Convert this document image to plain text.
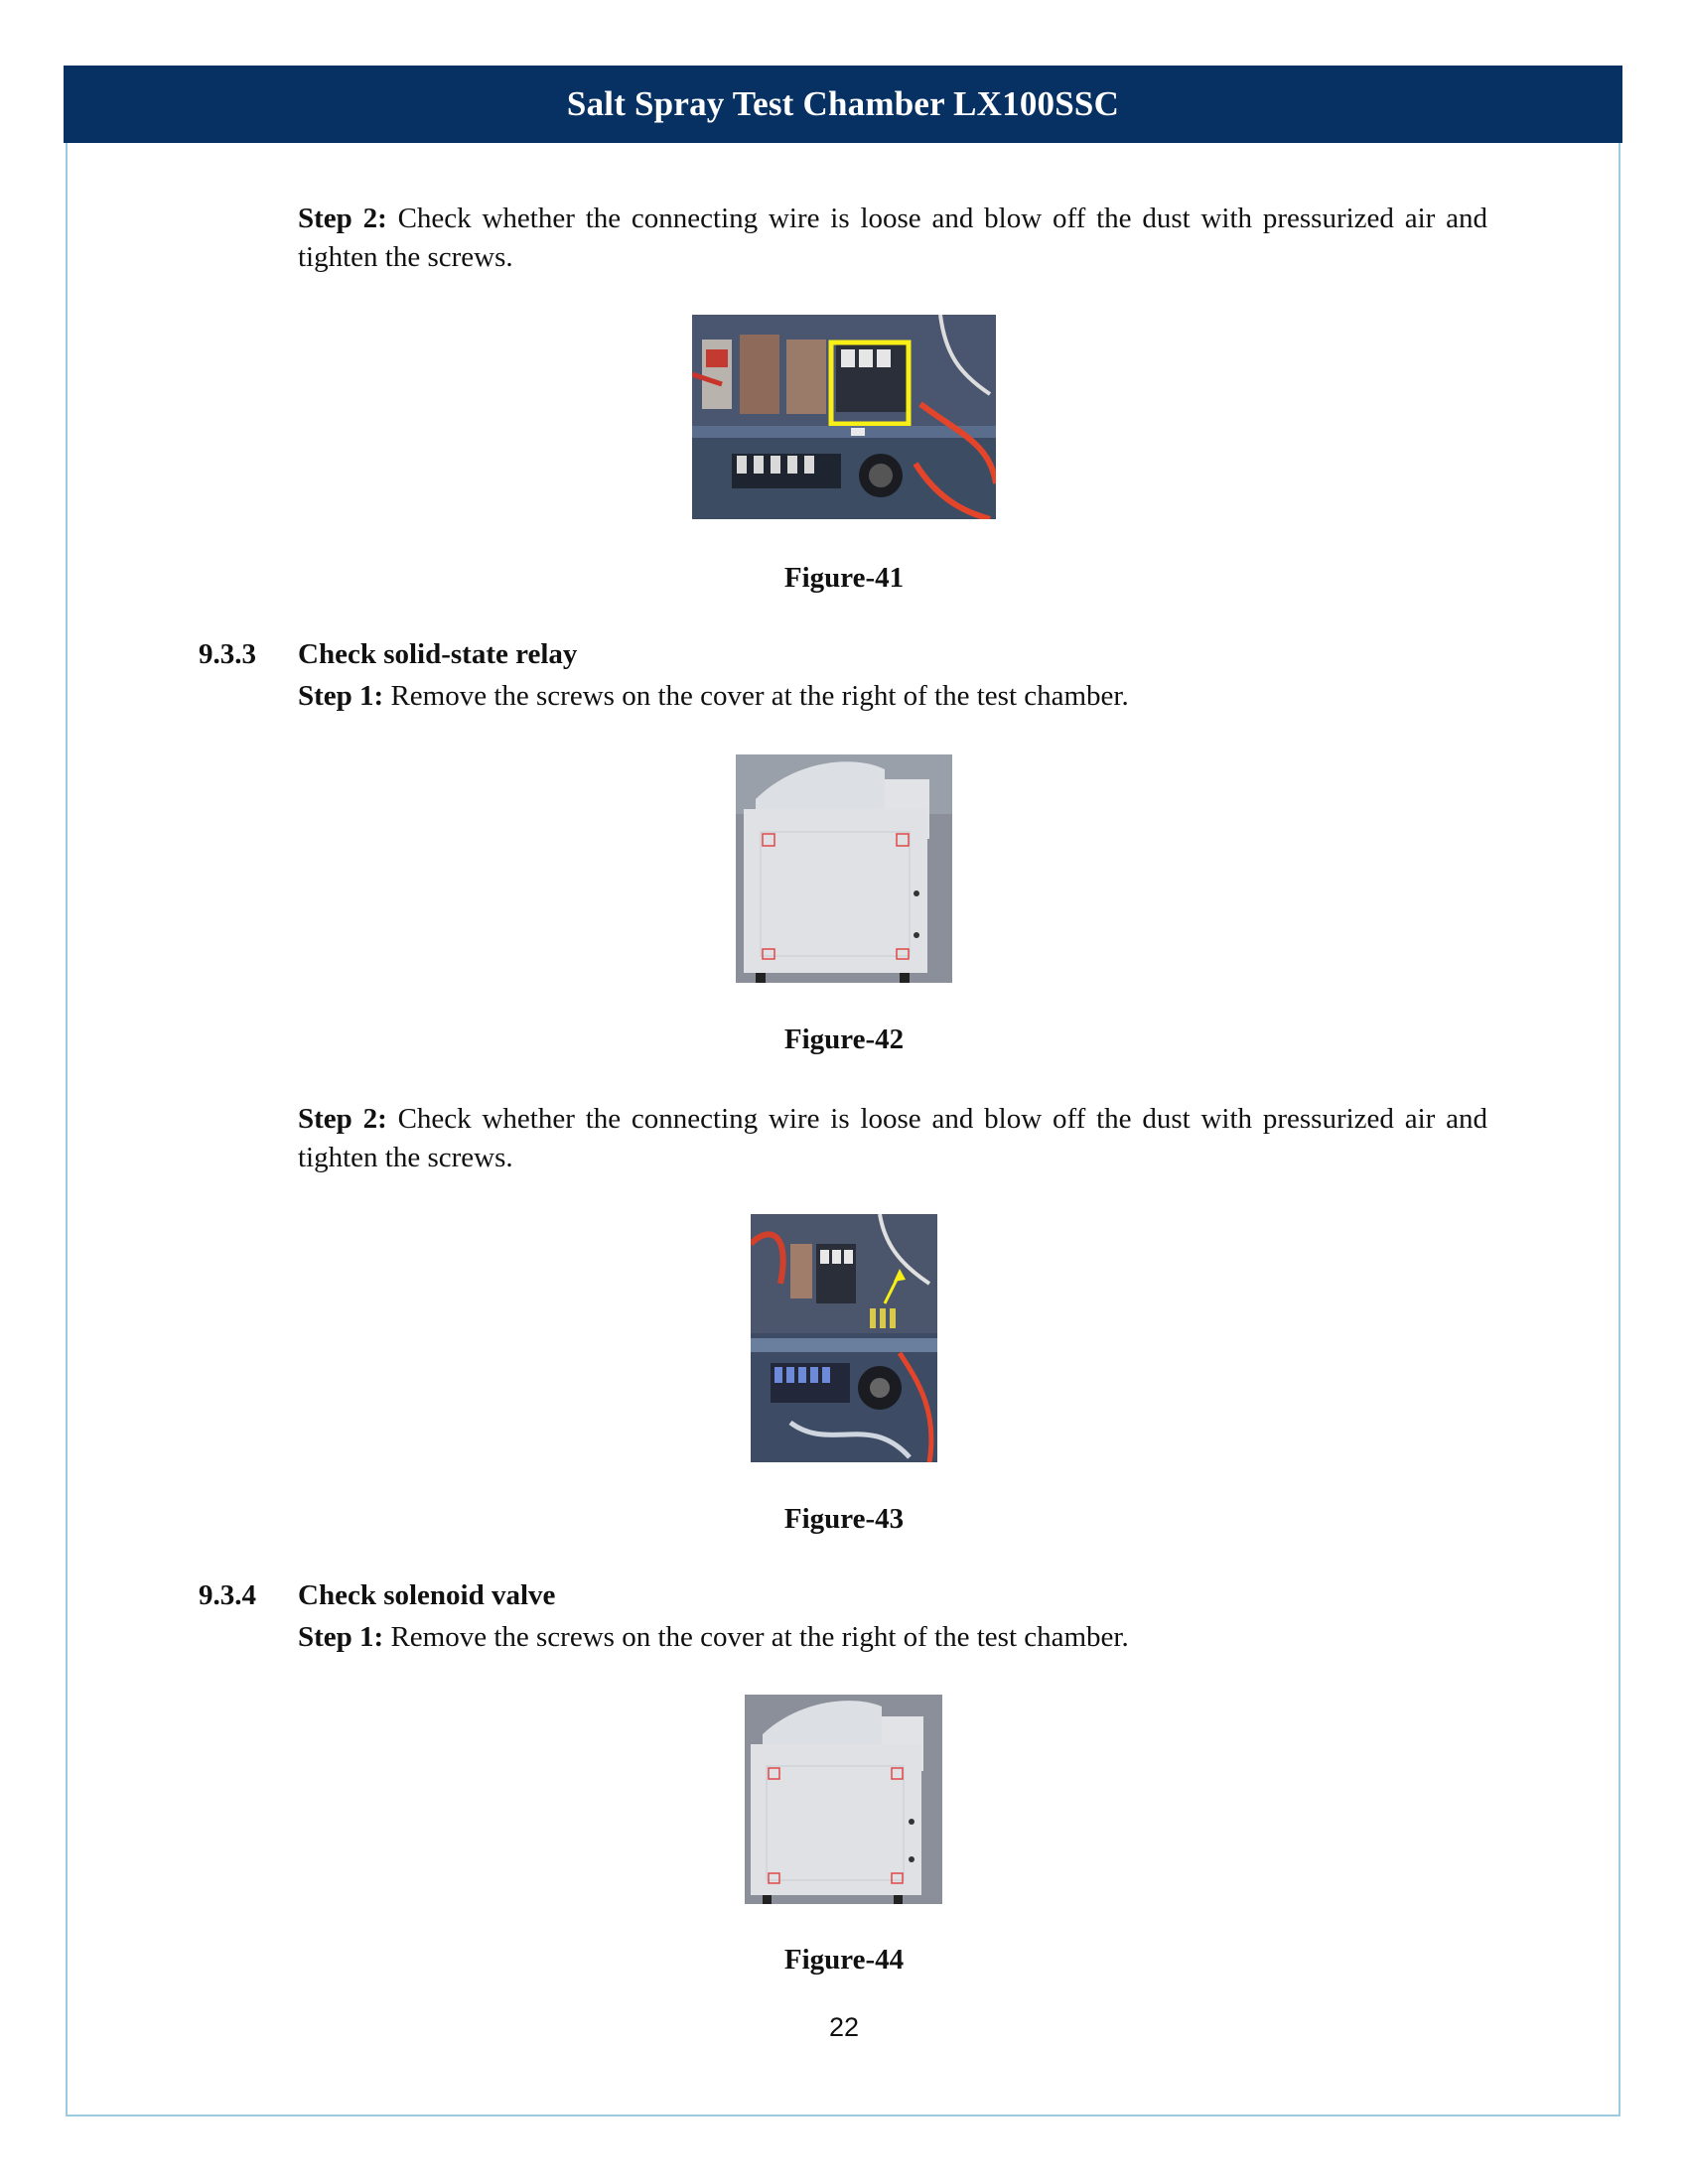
Salt Spray Test Chamber LX100SSC
Step 2: Check whether the connecting wire is loose and blow off the dust with pressurized air and tighten the screws.
Figure-41
9.3.3 Check solid-state relay
Step 1: Remove the screws on the cover at the right of the test chamber.
Figure-42
Step 2: Check whether the connecting wire is loose and blow off the dust with pressurized air and tighten the screws.
Figure-43
9.3.4 Check solenoid valve
Step 1: Remove the screws on the cover at the right of the test chamber.
Figure-44
22
